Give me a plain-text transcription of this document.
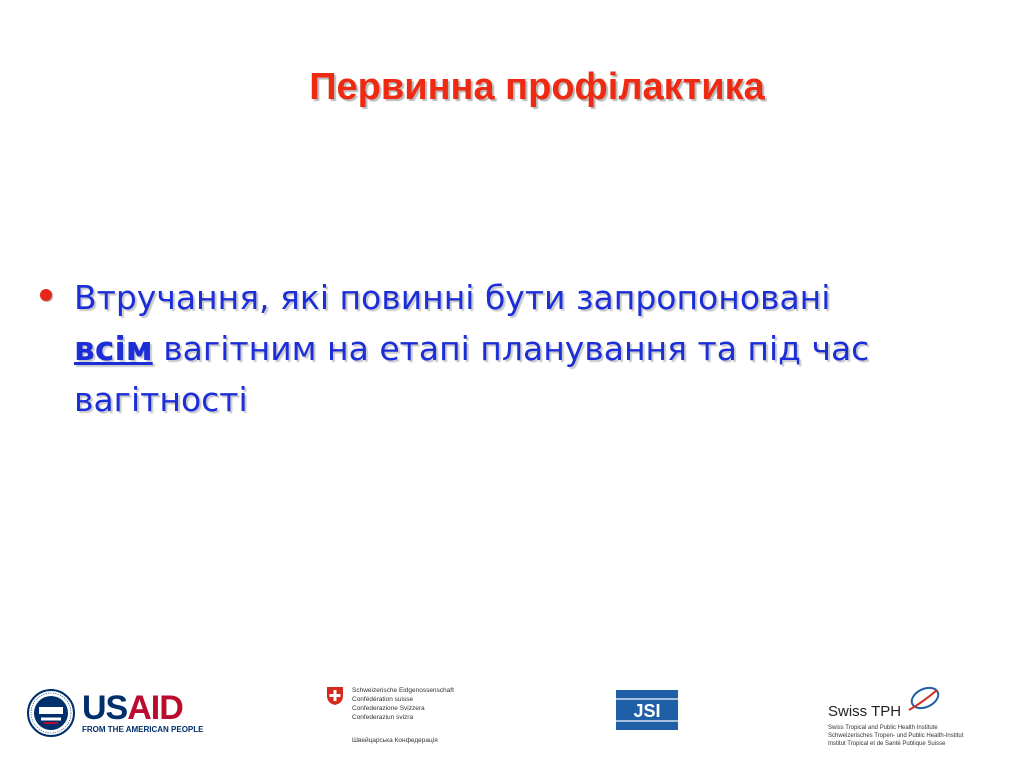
Первинна профілактика
Втручання, які повинні бути запропоновані
всім вагітним на етапі планування та під час вагітності
USAID
FROM THE AMERICAN PEOPLE
Schweizerische Eidgenossenschaft
Confédération suisse
Confederazione Svizzera
Confederaziun svizra
Швейцарська Конфедерація
JSI	Swiss TPH
Swiss Tropical and Public Health Institute
Schweizerisches Tropen- und Public Health-Institut
Institut Tropical et de Santé Publique Suisse
